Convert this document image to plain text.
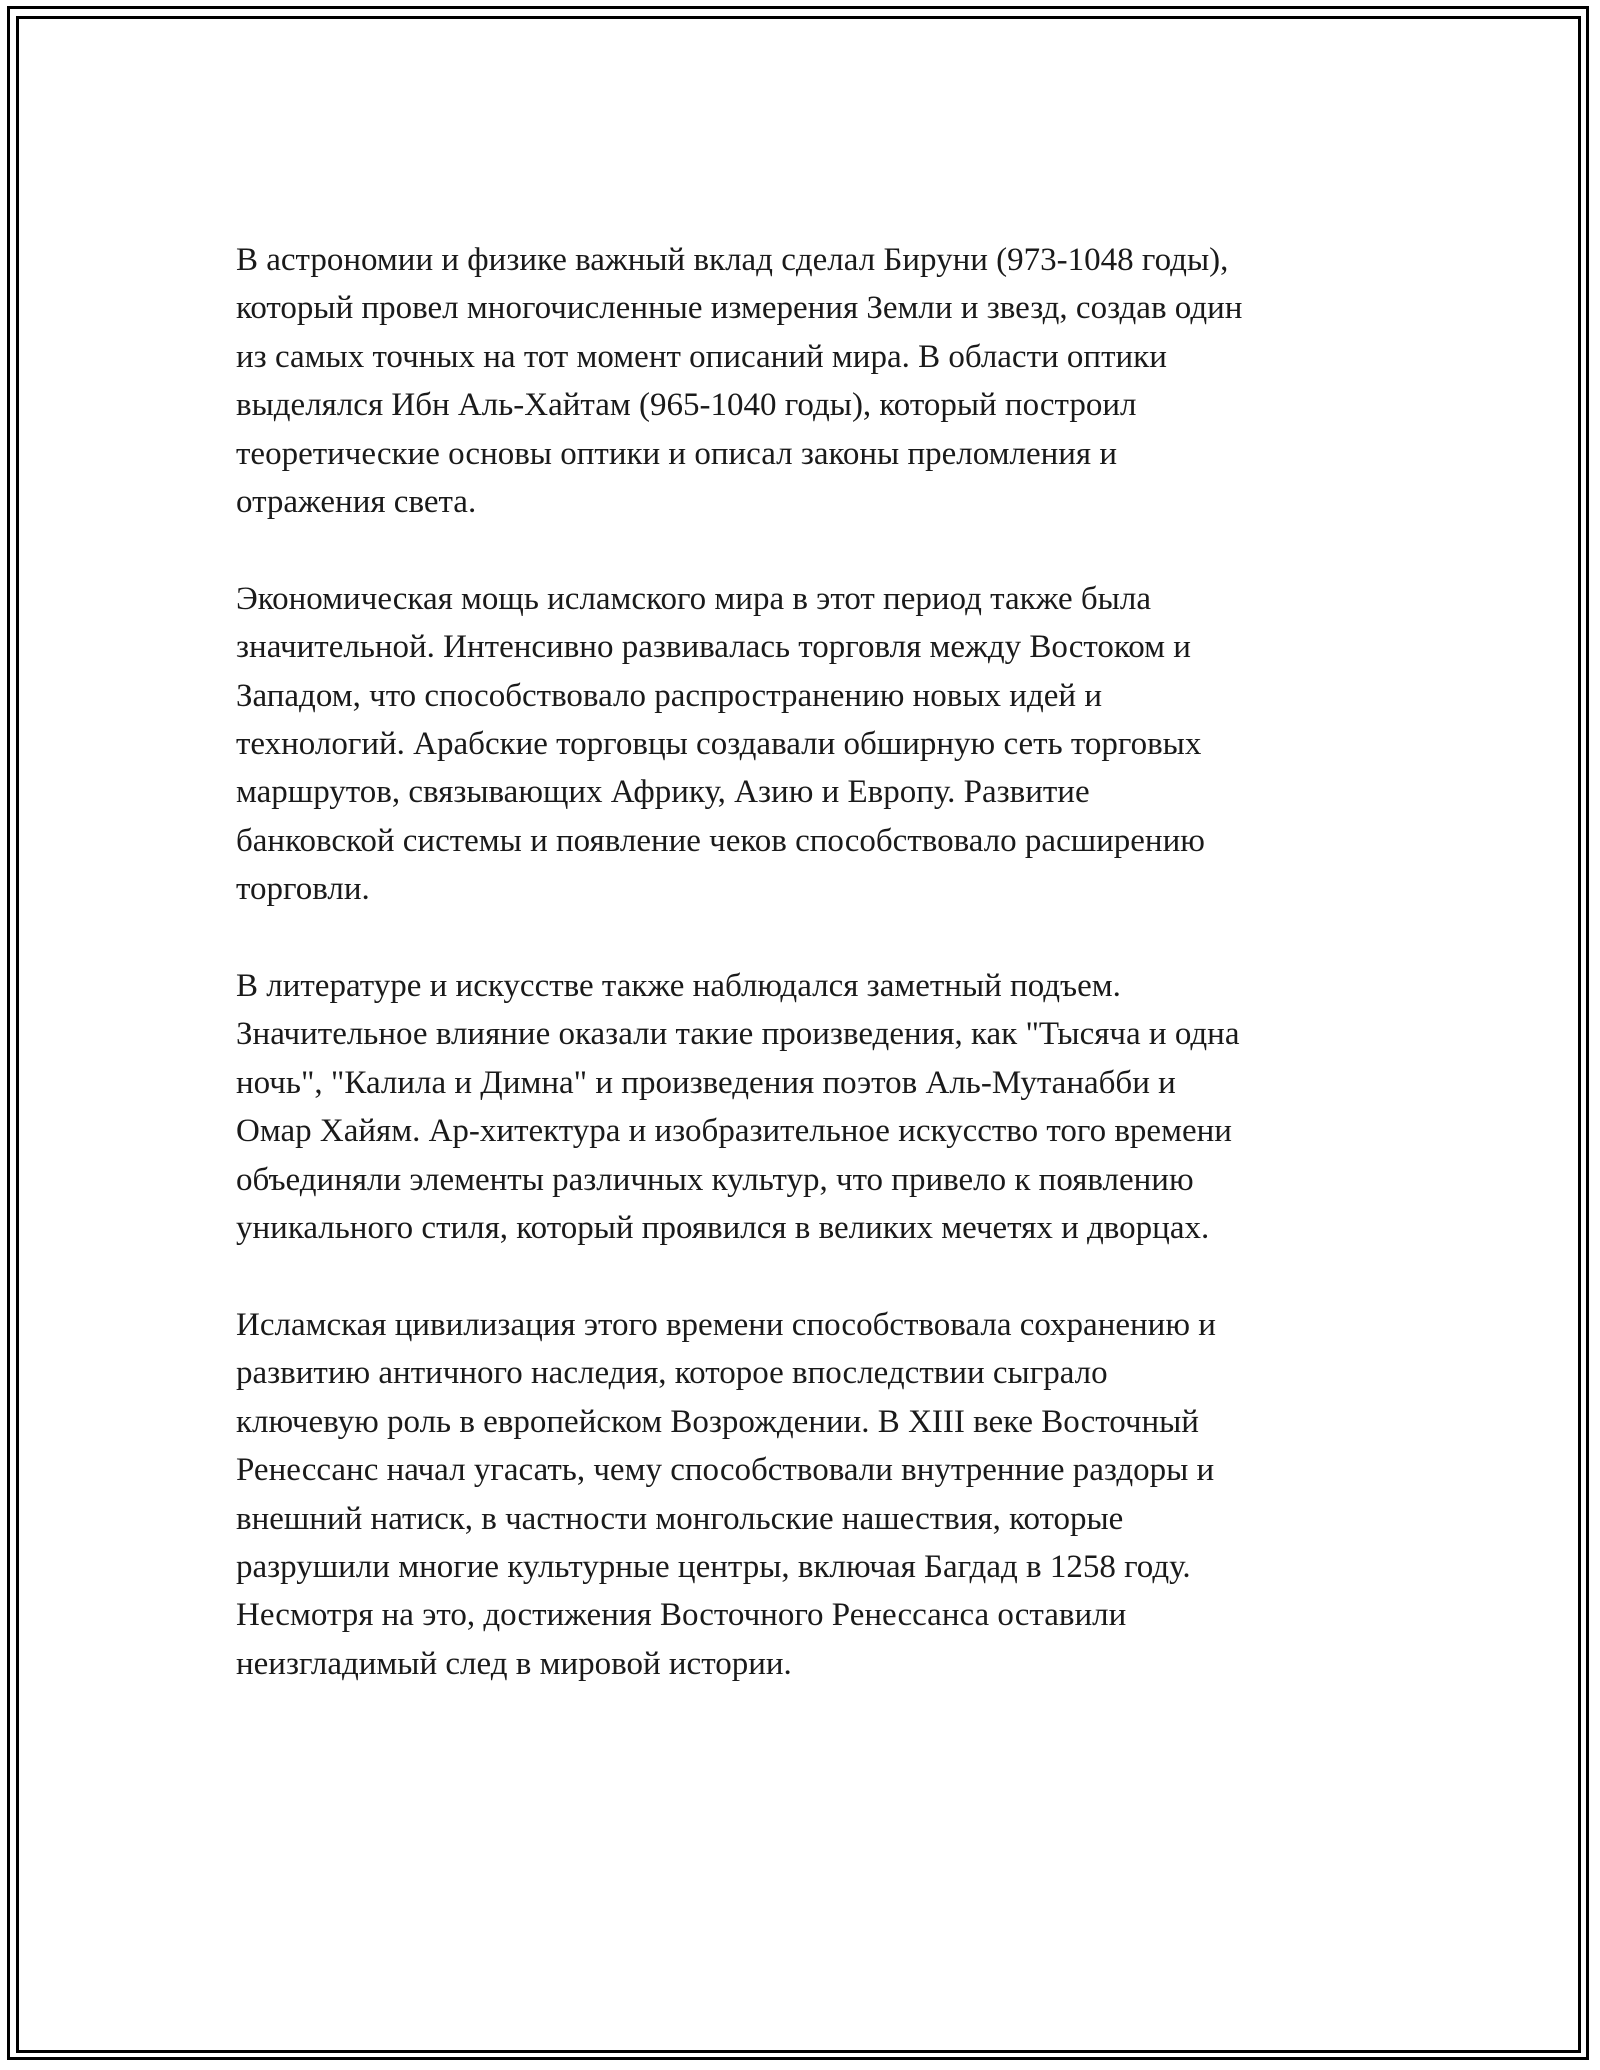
В астрономии и физике важный вклад сделал Бируни (973-1048 годы),
который провел многочисленные измерения Земли и звезд, создав один
из самых точных на тот момент описаний мира. В области оптики
выделялся Ибн Аль-Хайтам (965-1040 годы), который построил
теоретические основы оптики и описал законы преломления и
отражения света.

Экономическая мощь исламского мира в этот период также была
значительной. Интенсивно развивалась торговля между Востоком и
Западом, что способствовало распространению новых идей и
технологий. Арабские торговцы создавали обширную сеть торговых
маршрутов, связывающих Африку, Азию и Европу. Развитие
банковской системы и появление чеков способствовало расширению
торговли.

В литературе и искусстве также наблюдался заметный подъем.
Значительное влияние оказали такие произведения, как "Тысяча и одна
ночь", "Калила и Димна" и произведения поэтов Аль-Мутанабби и
Омар Хайям. Ар-хитектура и изобразительное искусство того времени
объединяли элементы различных культур, что привело к появлению
уникального стиля, который проявился в великих мечетях и дворцах.

Исламская цивилизация этого времени способствовала сохранению и
развитию античного наследия, которое впоследствии сыграло
ключевую роль в европейском Возрождении. В XIII веке Восточный
Ренессанс начал угасать, чему способствовали внутренние раздоры и
внешний натиск, в частности монгольские нашествия, которые
разрушили многие культурные центры, включая Багдад в 1258 году.
Несмотря на это, достижения Восточного Ренессанса оставили
неизгладимый след в мировой истории.
